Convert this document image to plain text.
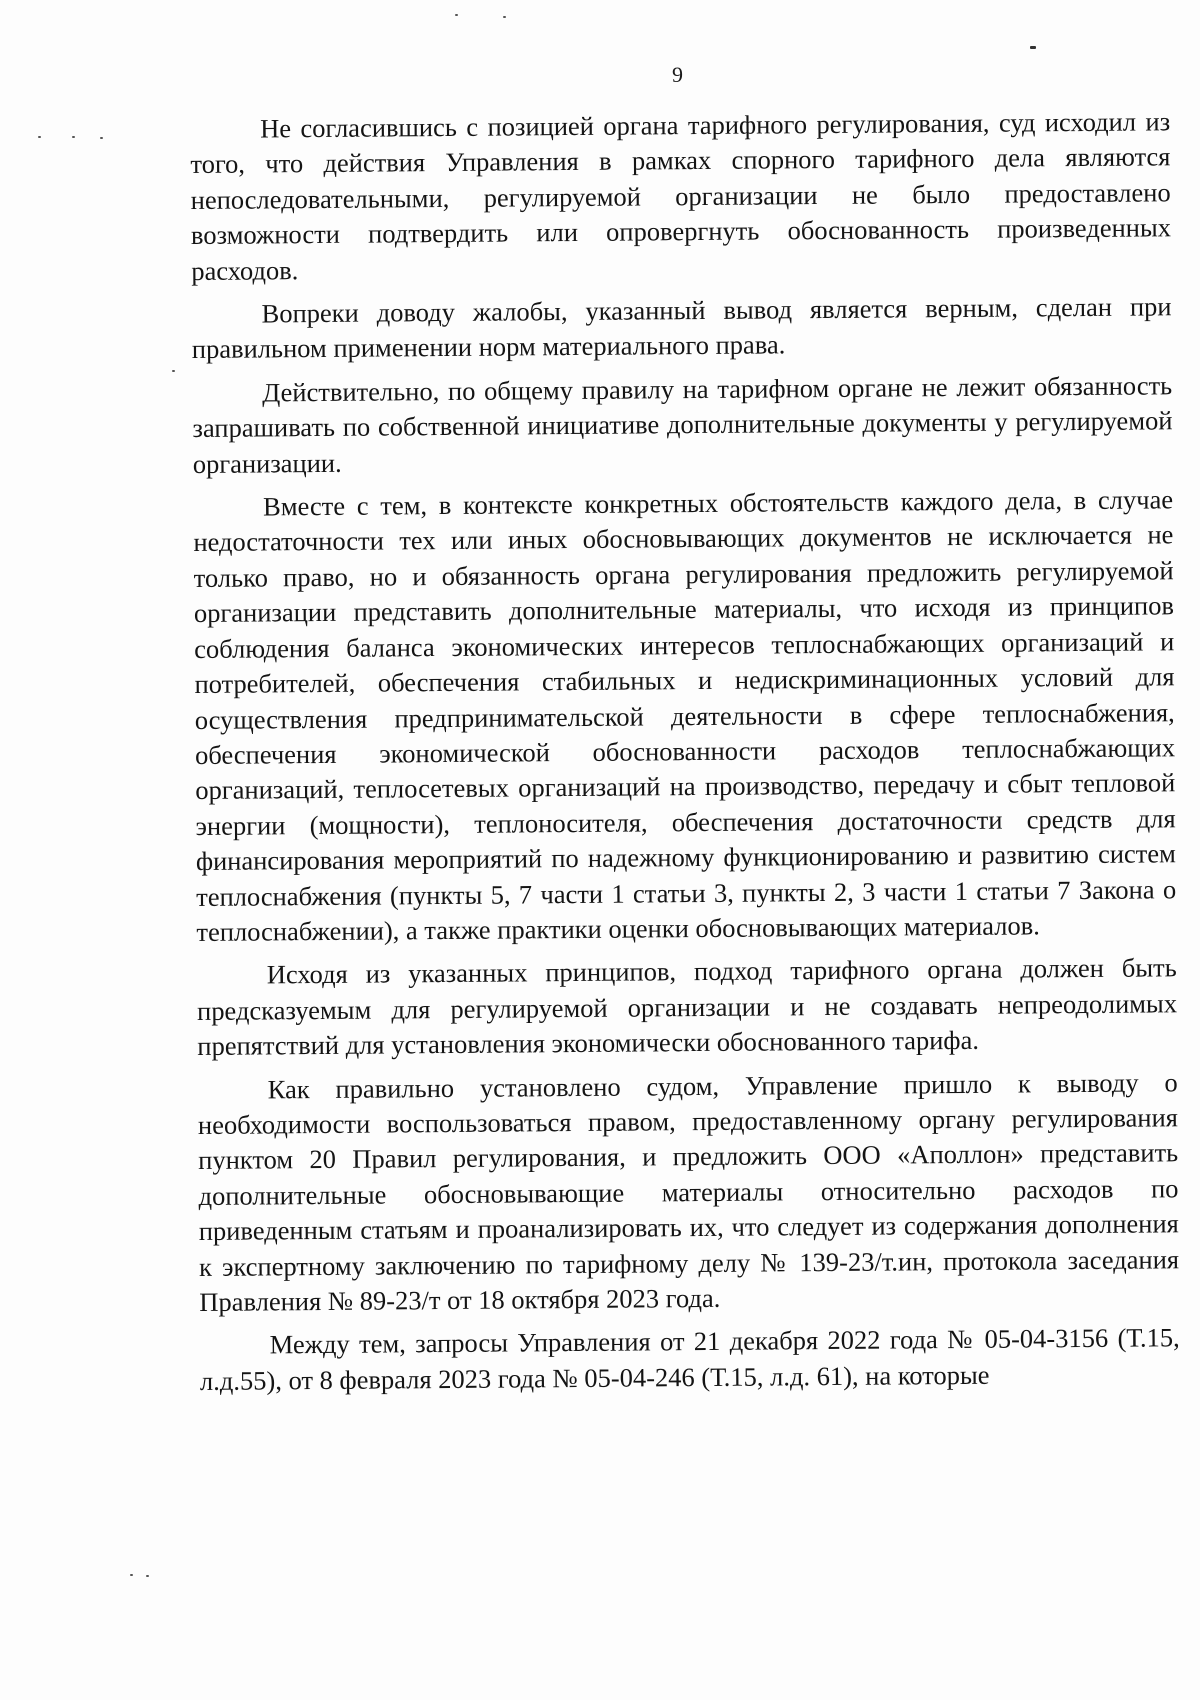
9

Не согласившись с позицией органа тарифного регулирования, суд исходил из того, что действия Управления в рамках спорного тарифного дела являются непоследовательными, регулируемой организации не было предоставлено возможности подтвердить или опровергнуть обоснованность произведенных расходов.

Вопреки доводу жалобы, указанный вывод является верным, сделан при правильном применении норм материального права.

Действительно, по общему правилу на тарифном органе не лежит обязанность запрашивать по собственной инициативе дополнительные документы у регулируемой организации.

Вместе с тем, в контексте конкретных обстоятельств каждого дела, в случае недостаточности тех или иных обосновывающих документов не исключается не только право, но и обязанность органа регулирования предложить регулируемой организации представить дополнительные материалы, что исходя из принципов соблюдения баланса экономических интересов теплоснабжающих организаций и потребителей, обеспечения стабильных и недискриминационных условий для осуществления предпринимательской деятельности в сфере теплоснабжения, обеспечения экономической обоснованности расходов теплоснабжающих организаций, теплосетевых организаций на производство, передачу и сбыт тепловой энергии (мощности), теплоносителя, обеспечения достаточности средств для финансирования мероприятий по надежному функционированию и развитию систем теплоснабжения (пункты 5, 7 части 1 статьи 3, пункты 2, 3 части 1 статьи 7 Закона о теплоснабжении), а также практики оценки обосновывающих материалов.

Исходя из указанных принципов, подход тарифного органа должен быть предсказуемым для регулируемой организации и не создавать непреодолимых препятствий для установления экономически обоснованного тарифа.

Как правильно установлено судом, Управление пришло к выводу о необходимости воспользоваться правом, предоставленному органу регулирования пунктом 20 Правил регулирования, и предложить ООО «Аполлон» представить дополнительные обосновывающие материалы относительно расходов по приведенным статьям и проанализировать их, что следует из содержания дополнения к экспертному заключению по тарифному делу № 139-23/т.ин, протокола заседания Правления № 89-23/т от 18 октября 2023 года.

Между тем, запросы Управления от 21 декабря 2022 года № 05-04-3156 (Т.15, л.д.55), от 8 февраля 2023 года № 05-04-246 (Т.15, л.д. 61), на которые
